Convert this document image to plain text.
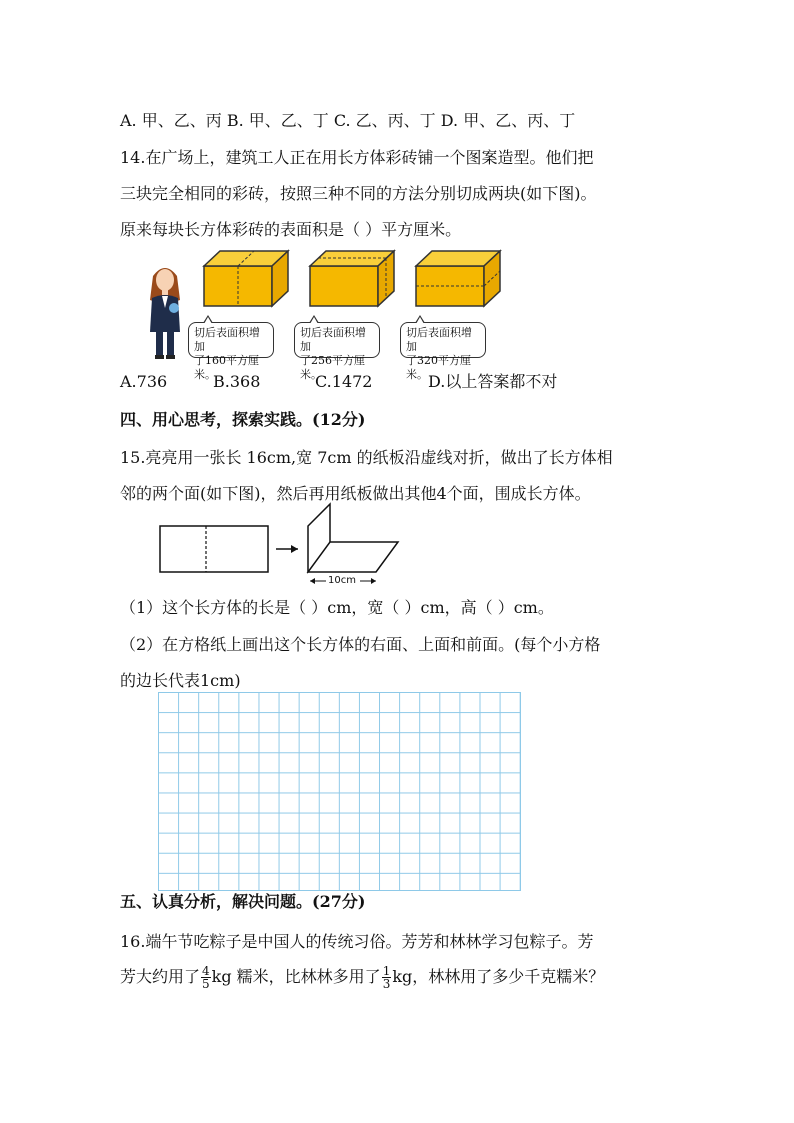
A. 甲、乙、丙 B. 甲、乙、丁 C. 乙、丙、丁 D. 甲、乙、丙、丁
14.在广场上，建筑工人正在用长方体彩砖铺一个图案造型。他们把
三块完全相同的彩砖，按照三种不同的方法分别切成两块(如下图)。
原来每块长方体彩砖的表面积是（ ）平方厘米。
切后表面积增加
了160平方厘米。
切后表面积增加
了256平方厘米。
切后表面积增加
了320平方厘米。
A.736	B.368	C.1472	D.以上答案都不对
四、用心思考，探索实践。(12分)
15.亮亮用一张长 16cm,宽 7cm 的纸板沿虚线对折，做出了长方体相
邻的两个面(如下图)，然后再用纸板做出其他4个面，围成长方体。
10cm
（1）这个长方体的长是（ ）cm，宽（ ）cm，高（ ）cm。
（2）在方格纸上画出这个长方体的右面、上面和前面。(每个小方格
的边长代表1cm)
五、认真分析，解决问题。(27分)
16.端午节吃粽子是中国人的传统习俗。芳芳和林林学习包粽子。芳
芳大约用了 $\frac{4}{5}$ kg 糯米，比林林多用了 $\frac{1}{3}$ kg，林林用了多少千克糯米？
